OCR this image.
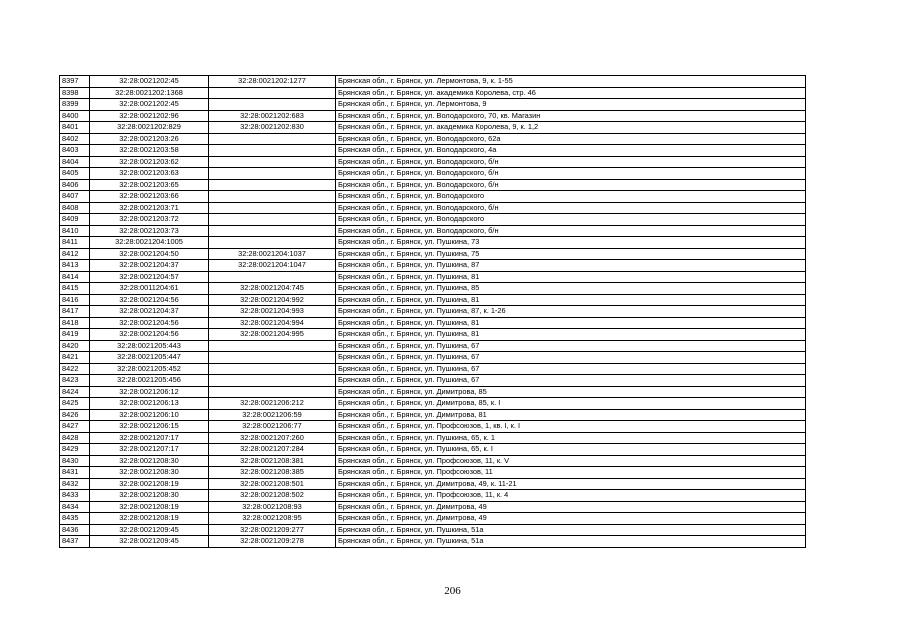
8397	32:28:0021202:45	32:28:0021202:1277	Брянская обл., г. Брянск, ул. Лермонтова, 9, к. 1-55
8398	32:28:0021202:1368		Брянская обл., г. Брянск, ул. академика Королева, стр. 46
8399	32:28:0021202:45		Брянская обл., г. Брянск, ул. Лермонтова, 9
8400	32:28:0021202:96	32:28:0021202:683	Брянская обл., г. Брянск, ул. Володарского, 70, кв. Магазин
8401	32:28:0021202:829	32:28:0021202:830	Брянская обл., г. Брянск, ул. академика Королева, 9, к. 1,2
8402	32:28:0021203:26		Брянская обл., г. Брянск, ул. Володарского, 62а
8403	32:28:0021203:58		Брянская обл., г. Брянск, ул. Володарского, 4а
8404	32:28:0021203:62		Брянская обл., г. Брянск, ул. Володарского, б/н
8405	32:28:0021203:63		Брянская обл., г. Брянск, ул. Володарского, б/н
8406	32:28:0021203:65		Брянская обл., г. Брянск, ул. Володарского, б/н
8407	32:28:0021203:66		Брянская обл., г. Брянск, ул. Володарского
8408	32:28:0021203:71		Брянская обл., г. Брянск, ул. Володарского, б/н
8409	32:28:0021203:72		Брянская обл., г. Брянск, ул. Володарского
8410	32:28:0021203:73		Брянская обл., г. Брянск, ул. Володарского, б/н
8411	32:28:0021204:1005		Брянская обл., г. Брянск, ул. Пушкина, 73
8412	32:28:0021204:50	32:28:0021204:1037	Брянская обл., г. Брянск, ул. Пушкина, 75
8413	32:28:0021204:37	32:28:0021204:1047	Брянская обл., г. Брянск, ул. Пушкина, 87
8414	32:28:0021204:57		Брянская обл., г. Брянск, ул. Пушкина, 81
8415	32:28:0011204:61	32:28:0021204:745	Брянская обл., г. Брянск, ул. Пушкина, 85
8416	32:28:0021204:56	32:28:0021204:992	Брянская обл., г. Брянск, ул. Пушкина, 81
8417	32:28:0021204:37	32:28:0021204:993	Брянская обл., г. Брянск, ул. Пушкина, 87, к. 1-26
8418	32:28:0021204:56	32:28:0021204:994	Брянская обл., г. Брянск, ул. Пушкина, 81
8419	32:28:0021204:56	32:28:0021204:995	Брянская обл., г. Брянск, ул. Пушкина, 81
8420	32:28:0021205:443		Брянская обл., г. Брянск, ул. Пушкина, 67
8421	32:28:0021205:447		Брянская обл., г. Брянск, ул. Пушкина, 67
8422	32:28:0021205:452		Брянская обл., г. Брянск, ул. Пушкина, 67
8423	32:28:0021205:456		Брянская обл., г. Брянск, ул. Пушкина, 67
8424	32:28:0021206:12		Брянская обл., г. Брянск, ул. Димитрова, 85
8425	32:28:0021206:13	32:28:0021206:212	Брянская обл., г. Брянск, ул. Димитрова, 85, к. I
8426	32:28:0021206:10	32:28:0021206:59	Брянская обл., г. Брянск, ул. Димитрова, 81
8427	32:28:0021206:15	32:28:0021206:77	Брянская обл., г. Брянск, ул. Профсоюзов, 1, кв. I, к. I
8428	32:28:0021207:17	32:28:0021207:260	Брянская обл., г. Брянск, ул. Пушкина, 65, к. 1
8429	32:28:0021207:17	32:28:0021207:284	Брянская обл., г. Брянск, ул. Пушкина, 65, к. I
8430	32:28:0021208:30	32:28:0021208:381	Брянская обл., г. Брянск, ул. Профсоюзов, 11, к. V
8431	32:28:0021208:30	32:28:0021208:385	Брянская обл., г. Брянск, ул. Профсоюзов, 11
8432	32:28:0021208:19	32:28:0021208:501	Брянская обл., г. Брянск, ул. Димитрова, 49, к. 11-21
8433	32:28:0021208:30	32:28:0021208:502	Брянская обл., г. Брянск, ул. Профсоюзов, 11, к. 4
8434	32:28:0021208:19	32:28:0021208:93	Брянская обл., г. Брянск, ул. Димитрова, 49
8435	32:28:0021208:19	32:28:0021208:95	Брянская обл., г. Брянск, ул. Димитрова, 49
8436	32:28:0021209:45	32:28:0021209:277	Брянская обл., г. Брянск, ул. Пушкина, 51а
8437	32:28:0021209:45	32:28:0021209:278	Брянская обл., г. Брянск, ул. Пушкина, 51а
206
